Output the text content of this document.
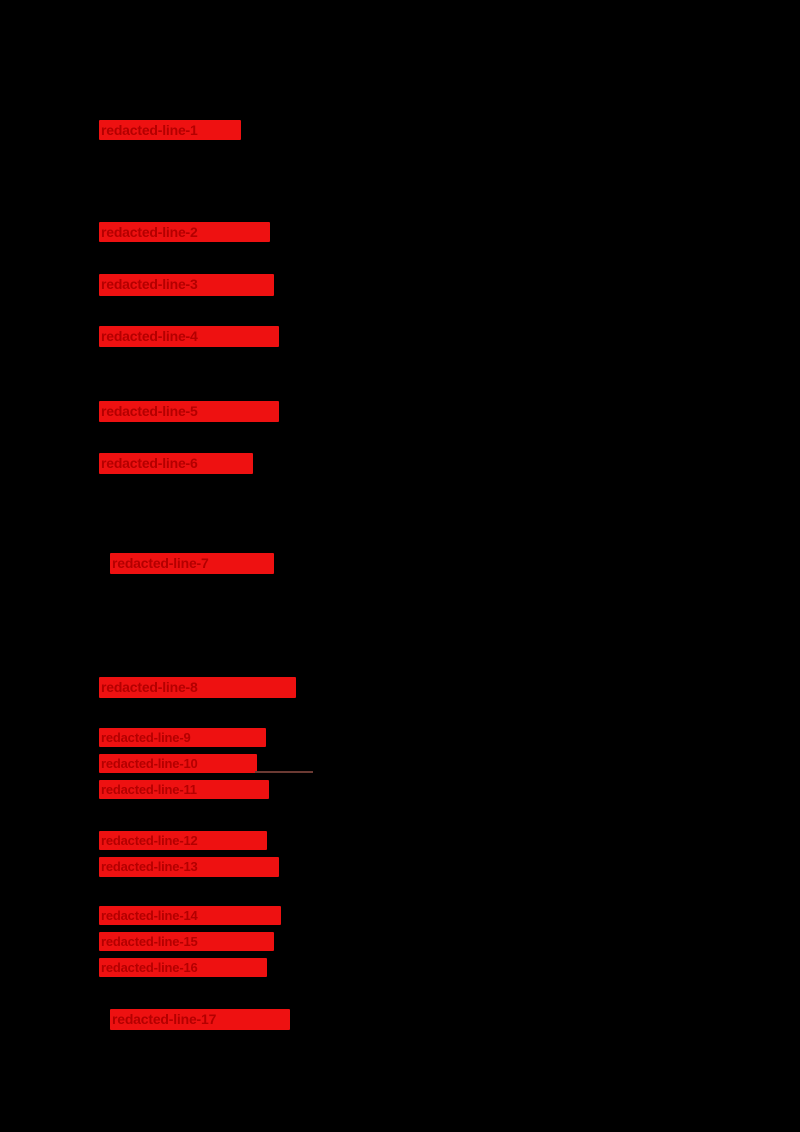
redacted-line-1
redacted-line-2
redacted-line-3
redacted-line-4
redacted-line-5
redacted-line-6
redacted-line-7
redacted-line-8
redacted-line-9
redacted-line-10
redacted-line-11
redacted-line-12
redacted-line-13
redacted-line-14
redacted-line-15
redacted-line-16
redacted-line-17
